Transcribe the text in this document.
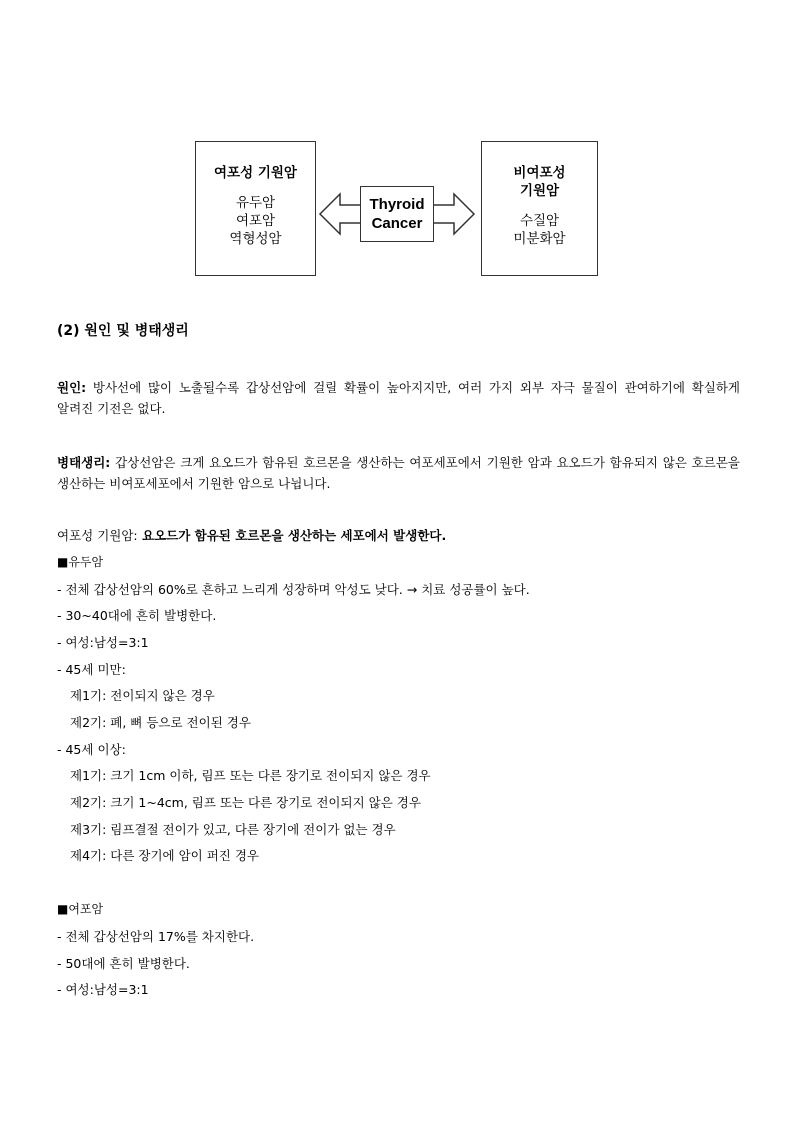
여포성 기원암
유두암
여포암
역형성암
Thyroid
Cancer
비여포성
기원암
수질암
미분화암
(2) 원인 및 병태생리
원인: 방사선에 많이 노출될수록 갑상선암에 걸릴 확률이 높아지지만, 여러 가지 외부 자극 물질이 관여하기에 확실하게 알려진 기전은 없다.
병태생리: 갑상선암은 크게 요오드가 함유된 호르몬을 생산하는 여포세포에서 기원한 암과 요오드가 함유되지 않은 호르몬을 생산하는 비여포세포에서 기원한 암으로 나뉩니다.
여포성 기원암: 요오드가 함유된 호르몬을 생산하는 세포에서 발생한다.
■유두암
- 전체 갑상선암의 60%로 흔하고 느리게 성장하며 악성도 낮다. → 치료 성공률이 높다.
- 30~40대에 흔히 발병한다.
- 여성:남성=3:1
- 45세 미만:
제1기: 전이되지 않은 경우
제2기: 폐, 뼈 등으로 전이된 경우
- 45세 이상:
제1기: 크기 1cm 이하, 림프 또는 다른 장기로 전이되지 않은 경우
제2기: 크기 1~4cm, 림프 또는 다른 장기로 전이되지 않은 경우
제3기: 림프결절 전이가 있고, 다른 장기에 전이가 없는 경우
제4기: 다른 장기에 암이 퍼진 경우
■여포암
- 전체 갑상선암의 17%를 차지한다.
- 50대에 흔히 발병한다.
- 여성:남성=3:1
